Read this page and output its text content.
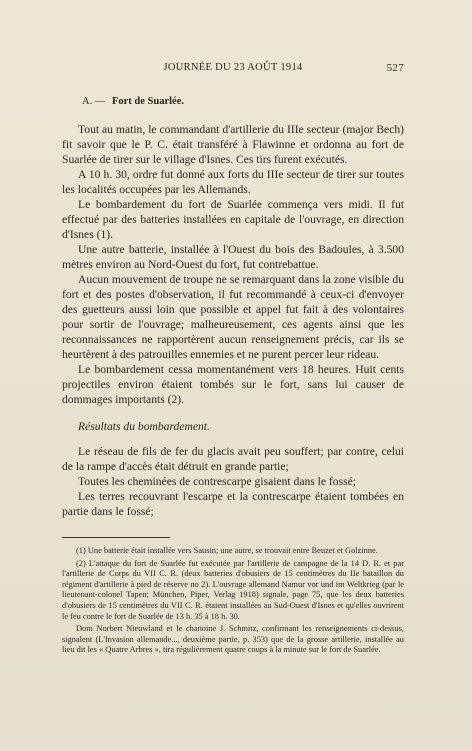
JOURNÉE DU 23 AOÛT 1914	527
A. — Fort de Suarlée.

Tout au matin, le commandant d'artillerie du IIIe secteur (major Bech) fit savoir que le P. C. était transféré à Flawinne et ordonna au fort de Suarlée de tirer sur le village d'Isnes. Ces tirs furent exécutés.

A 10 h. 30, ordre fut donné aux forts du IIIe secteur de tirer sur toutes les localités occupées par les Allemands.

Le bombardement du fort de Suarlée commença vers midi. Il fut effectué par des batteries installées en capitale de l'ouvrage, en direction d'Isnes (1).

Une autre batterie, installée à l'Ouest du bois des Badoules, à 3.500 mètres environ au Nord-Ouest du fort, fut contrebattue.

Aucun mouvement de troupe ne se remarquant dans la zone visible du fort et des postes d'observation, il fut recommandé à ceux-ci d'envoyer des guetteurs aussi loin que possible et appel fut fait à des volontaires pour sortir de l'ouvrage; malheureusement, ces agents ainsi que les reconnaissances ne rapportèrent aucun renseignement précis, car ils se heurtèrent à des patrouilles ennemies et ne purent percer leur rideau.

Le bombardement cessa momentanément vers 18 heures. Huit cents projectiles environ étaient tombés sur le fort, sans lui causer de dommages importants (2).

Résultats du bombardement.

Le réseau de fils de fer du glacis avait peu souffert; par contre, celui de la rampe d'accès était détruit en grande partie;

Toutes les cheminées de contrescarpe gisaient dans le fossé;

Les terres recouvrant l'escarpe et la contrescarpe étaient tombées en partie dans le fossé;

(1) Une batterie était installée vers Sausin; une autre, se trouvait entre Beuzet et Golzinne.

(2) L'attaque du fort de Suarlée fut exécutée par l'artillerie de campagne de la 14 D. R. et par l'artillerie de Corps du VII C. R. (deux batteries d'obusiers de 15 centimètres du IIe bataillon du régiment d'artillerie à pied de réserve no 2). L'ouvrage allemand Namur vor und im Weltkrieg (par le lieutenant-colonel Tapen; München, Piper, Verlag 1918) signale, page 75, que les deux batteries d'obusiers de 15 centimètres du VII C. R. étaient installées au Sud-Ouest d'Isnes et qu'elles ouvrirent le feu contre le fort de Suarlée de 13 h. 35 à 18 h. 30.

Dom Norbert Nieuwland et le chanoine J. Schmitz, confirmant les renseignements ci-dessus, signalent (L'Invasion allemande..., deuxième partie, p. 353) que de la grosse artillerie, installée au lieu dit les « Quatre Arbres », tira régulièrement quatre coups à la minute sur le fort de Suarlée.
